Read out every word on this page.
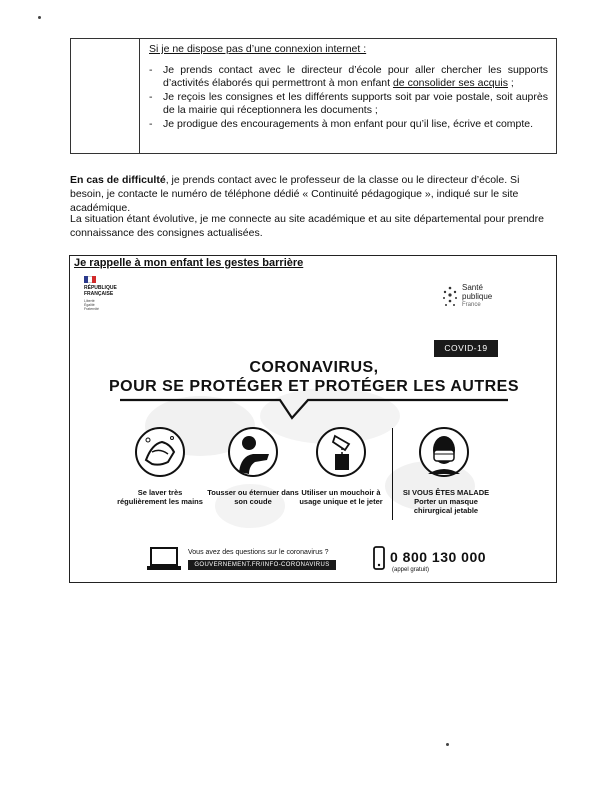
Si je ne dispose pas d’une connexion internet :
-	Je prends contact avec le directeur d’école pour aller chercher les supports d’activités élaborés qui permettront à mon enfant de consolider ses acquis ;
-	Je reçois les consignes et les différents supports soit par voie postale, soit auprès de la mairie qui réceptionnera les documents ;
-	Je prodigue des encouragements à mon enfant pour qu’il lise, écrive et compte.
En cas de difficulté, je prends contact avec le professeur de la classe ou le directeur d’école. Si besoin, je contacte le numéro de téléphone dédié « Continuité pédagogique », indiqué sur le site académique.
La situation étant évolutive, je me connecte au site académique et au site départemental pour prendre connaissance des consignes actualisées.
Je rappelle à mon enfant les gestes barrière
RÉPUBLIQUE
FRANÇAISE
Liberté
Égalité
Fraternité
Santé
publique
France
COVID-19
CORONAVIRUS,
POUR SE PROTÉGER ET PROTÉGER LES AUTRES
Se laver très régulièrement les mains
Tousser ou éternuer dans son coude
Utiliser un mouchoir à usage unique et le jeter
SI VOUS ÊTES MALADE Porter un masque chirurgical jetable
Vous avez des questions sur le coronavirus ?
GOUVERNEMENT.FR/INFO-CORONAVIRUS	0 800 130 000
(appel gratuit)
